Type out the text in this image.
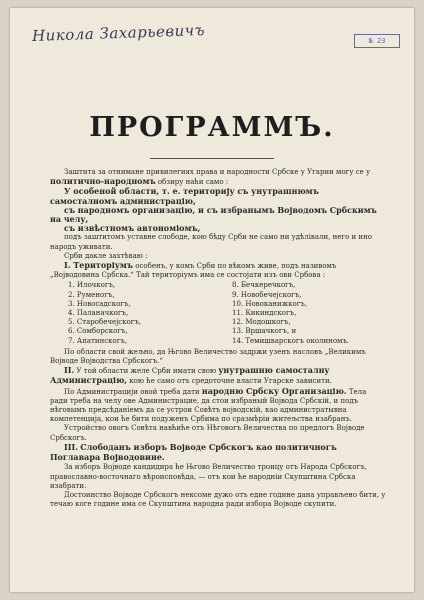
Никола Захарьевичъ	№ 23
ПРОГРАММЪ.

Заштита за отнимане привилегиях права и народности Србске у Угарии могу се у политично-народномъ обзиру наћи само :

У особеной области, т. е. територију съ унутрашнюмъ самосталномъ администрацію,

съ народномъ организацію, и съ избранымъ Војводомъ Србскимъ на челу,

съ извѣстномъ автономіомъ,

подъ заштитомъ уставне слободе, кою бѣду Срби не само ни удѣлiвали, него и ино народъ уживати.

Срби дакле захтѣваю :

I. Територіумъ особенъ, у комъ Срби по вѣкомъ живе, подъ називомъ „Војводовина Србска.“ Тай територіумъ има се состојати изъ ови Србова :

1. Илочкогъ,	8. Бечкеречкогъ,
2. Руменогъ,	9. Новобечејскогъ,
3. Новосадскогъ,	10. Новоканижкогъ,
4. Паланачкогъ,	11. Кикиндскогъ,
5. Старобечејскогъ,	12. Модошкогъ,
6. Сомборскогъ,	13. Вршачкогъ, и
7. Апатинскогъ,	14. Темишварскогъ околиномъ.

По области свой жељно, да Њгово Величество задржи узенъ насловъ „Великимъ Војводе Војводства Србскогъ.“

II. У той области желе Срби имати свою унутрашню самосталну Администрацію, кою ће само отъ средоточне власти Угарске зависити.

По Администрацији овой треба дати народню Србску Организацію. Тела ради треба на челу ове Администрацие, да стои избраный Војвода Србскій, и подъ нѣговымъ предсѣданiемъ да се устрои Совѣтъ војводскій, као администратывна компетенција, кои ће бити подуженъ Србима по сразмѣрiи житељства изабранъ.

Устройство овогъ Совѣта навћиће отъ Нѣговогъ Величества по предлогъ Војводе Србскогъ.

III. Слободанъ изборъ Војводе Србскогъ као политичногъ Поглавара Војводовине.

За изборъ Војводе кандидира ће Њгово Величество троицу отъ Народа Србскогъ, православно-восточнаго вѣроисповѣда, — отъ кои ће народнiи Скупштина Србска изабрати.

Достоинство Војводе Србскогъ нексоме дужо отъ едне године дана управљено бити, у течаю коге године има се Скупштина народна ради избора Војводе скупити.
